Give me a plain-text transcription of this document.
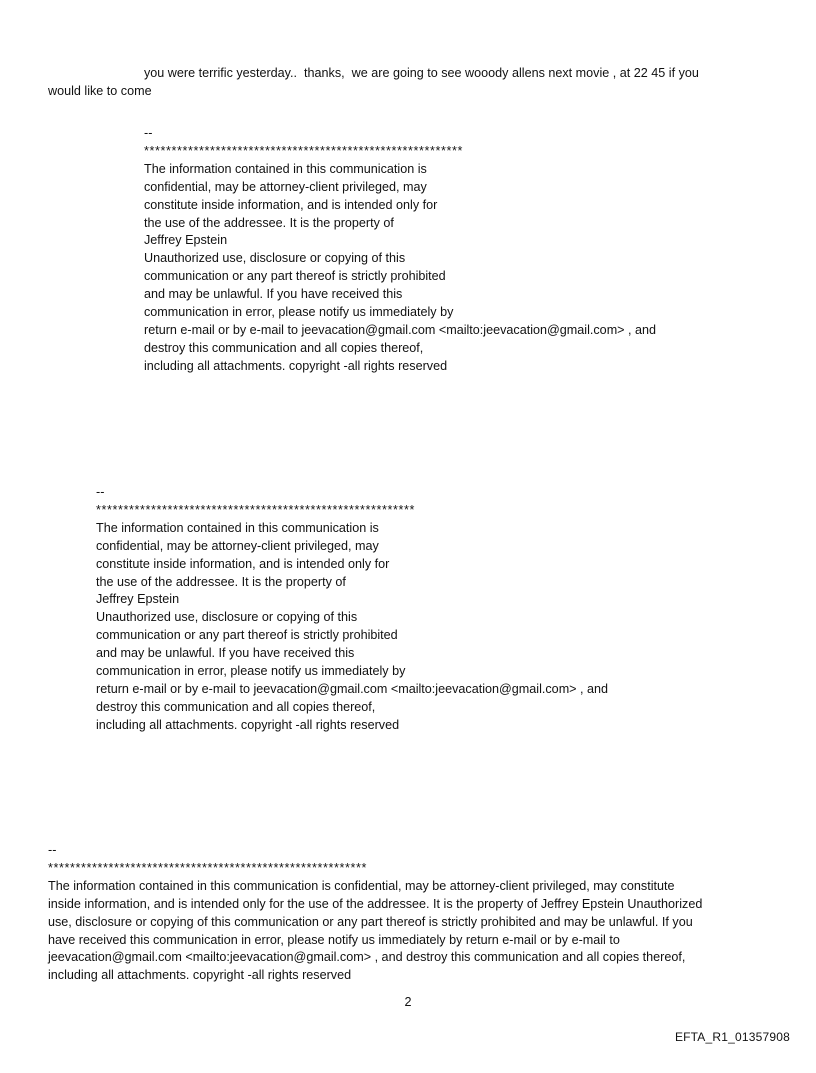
you were terrific yesterday..  thanks,  we are going to see wooody allens next movie , at 22 45 if you
would like to come
--
**********************************************************
The information contained in this communication is
confidential, may be attorney-client privileged, may
constitute inside information, and is intended only for
the use of the addressee. It is the property of
Jeffrey Epstein
Unauthorized use, disclosure or copying of this
communication or any part thereof is strictly prohibited
and may be unlawful. If you have received this
communication in error, please notify us immediately by
return e-mail or by e-mail to jeevacation@gmail.com <mailto:jeevacation@gmail.com> , and
destroy this communication and all copies thereof,
including all attachments. copyright -all rights reserved
--
**********************************************************
The information contained in this communication is
confidential, may be attorney-client privileged, may
constitute inside information, and is intended only for
the use of the addressee. It is the property of
Jeffrey Epstein
Unauthorized use, disclosure or copying of this
communication or any part thereof is strictly prohibited
and may be unlawful. If you have received this
communication in error, please notify us immediately by
return e-mail or by e-mail to jeevacation@gmail.com <mailto:jeevacation@gmail.com> , and
destroy this communication and all copies thereof,
including all attachments. copyright -all rights reserved
--
**********************************************************
The information contained in this communication is confidential, may be attorney-client privileged, may constitute
inside information, and is intended only for the use of the addressee. It is the property of Jeffrey Epstein Unauthorized
use, disclosure or copying of this communication or any part thereof is strictly prohibited and may be unlawful. If you
have received this communication in error, please notify us immediately by return e-mail or by e-mail to
jeevacation@gmail.com <mailto:jeevacation@gmail.com> , and destroy this communication and all copies thereof,
including all attachments. copyright -all rights reserved
2
EFTA_R1_01357908
